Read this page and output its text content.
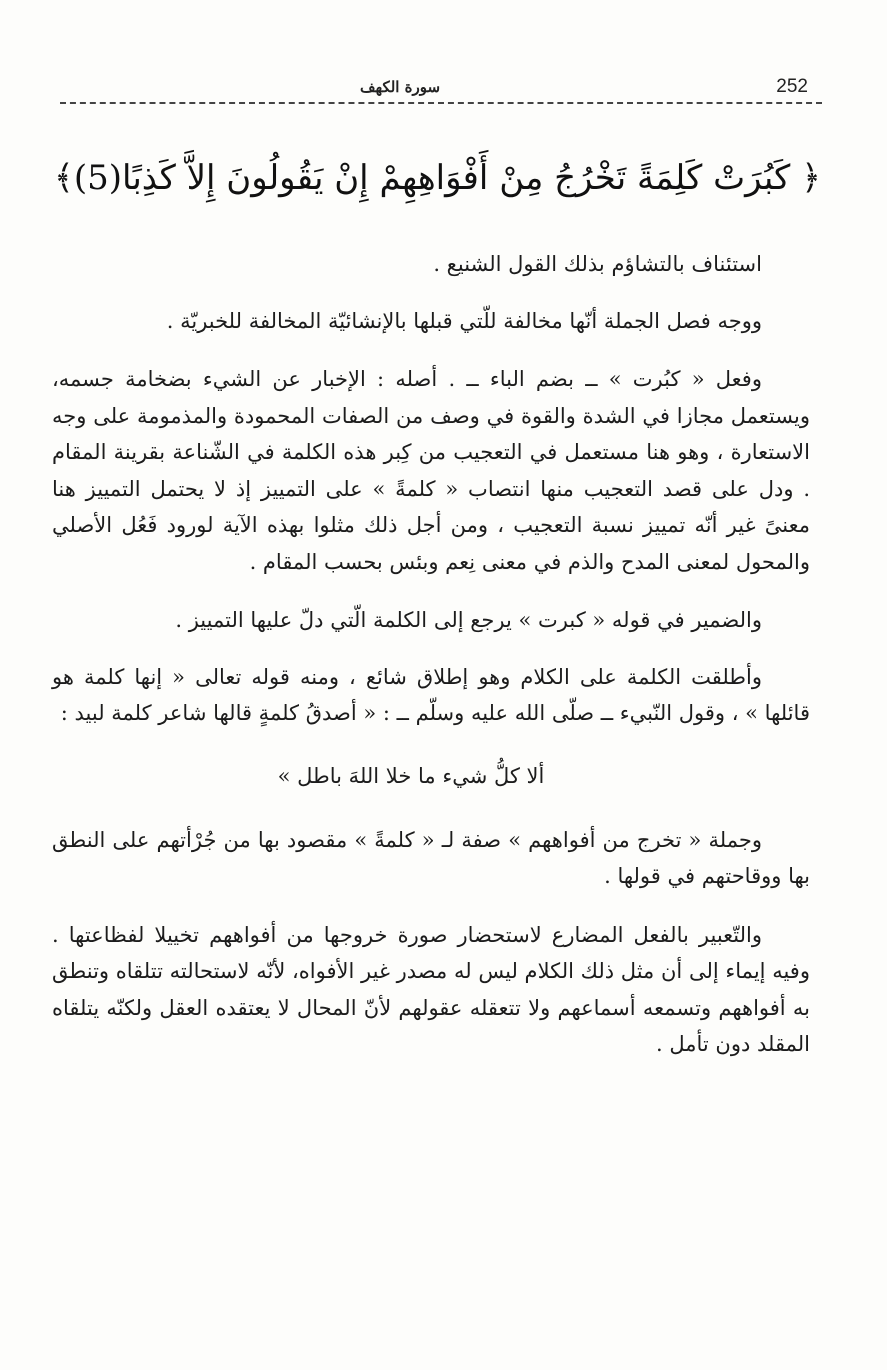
سورة الكهف	252
﴿ كَبُرَتْ كَلِمَةً تَخْرُجُ مِنْ أَفْوَاهِهِمْ إِنْ يَقُولُونَ إِلاَّ كَذِبًا(5)﴾

استئناف بالتشاؤم بذلك القول الشنيع .

ووجه فصل الجملة أنّها مخالفة للّتي قبلها بالإنشائيّة المخالفة للخبريّة .

وفعل « كبُرت » ــ بضم الباء ــ . أصله : الإخبار عن الشيء بضخامة جسمه، ويستعمل مجازا في الشدة والقوة في وصف من الصفات المحمودة والمذمومة على وجه الاستعارة ، وهو هنا مستعمل في التعجيب من كِبر هذه الكلمة في الشّناعة بقرينة المقام . ودل على قصد التعجيب منها انتصاب « كلمةً » على التمييز إذ لا يحتمل التمييز هنا معنىً غير أنّه تمييز نسبة التعجيب ، ومن أجل ذلك مثلوا بهذه الآية لورود فَعُل الأصلي والمحول لمعنى المدح والذم في معنى نِعم وبئس بحسب المقام .

والضمير في قوله « كبرت » يرجع إلى الكلمة الّتي دلّ عليها التمييز .

وأطلقت الكلمة على الكلام وهو إطلاق شائع ، ومنه قوله تعالى « إنها كلمة هو قائلها » ، وقول النّبيء ــ صلّى الله عليه وسلّم ــ : « أصدقُ كلمةٍ قالها شاعر كلمة لبيد :

ألا كلُّ شيء ما خلا اللهَ باطل »

وجملة « تخرج من أفواههم » صفة لـ « كلمةً » مقصود بها من جُرْأتهم على النطق بها ووقاحتهم في قولها .

والتّعبير بالفعل المضارع لاستحضار صورة خروجها من أفواههم تخييلا لفظاعتها . وفيه إيماء إلى أن مثل ذلك الكلام ليس له مصدر غير الأفواه، لأنّه لاستحالته تتلقاه وتنطق به أفواههم وتسمعه أسماعهم ولا تتعقله عقولهم لأنّ المحال لا يعتقده العقل ولكنّه يتلقاه المقلد دون تأمل .
